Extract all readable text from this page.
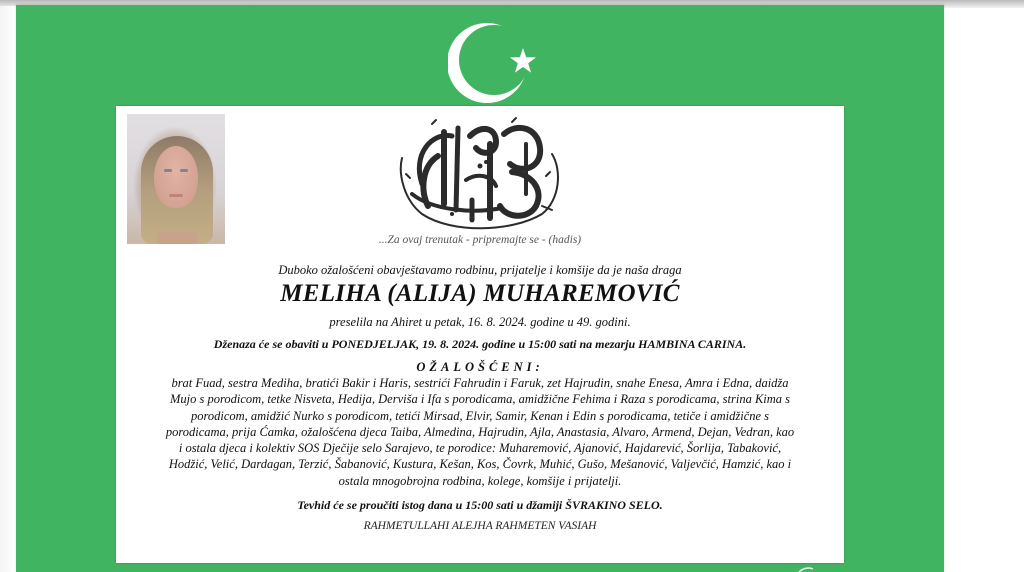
...Za ovaj trenutak - pripremajte se - (hadis)
Duboko ožalošćeni obavještavamo rodbinu, prijatelje i komšije da je naša draga
MELIHA (ALIJA) MUHAREMOVIĆ
preselila na Ahiret u petak, 16. 8. 2024. godine u 49. godini.
Dženaza će se obaviti u PONEDJELJAK, 19. 8. 2024. godine u 15:00 sati na mezarju HAMBINA CARINA.
OŽALOŠĆENI:
brat Fuad, sestra Mediha, bratići Bakir i Haris, sestrići Fahrudin i Faruk, zet Hajrudin, snahe Enesa, Amra i Edna, daidža
Mujo s porodicom, tetke Nisveta, Hedija, Derviša i Ifa s porodicama, amidžične Fehima i Raza s porodicama, strina Kima s
porodicom, amidžić Nurko s porodicom, tetići Mirsad, Elvir, Samir, Kenan i Edin s porodicama, tetiče i amidžične s
porodicama, prija Ćamka, ožalošćena djeca Taiba, Almedina, Hajrudin, Ajla, Anastasia, Alvaro, Armend, Dejan, Vedran, kao
i ostala djeca i kolektiv SOS Dječije selo Sarajevo, te porodice: Muharemović, Ajanović, Hajdarević, Šorlija, Tabaković,
Hodžić, Velić, Dardagan, Terzić, Šabanović, Kustura, Kešan, Kos, Čovrk, Muhić, Gušo, Mešanović, Valjevčić, Hamzić, kao i
ostala mnogobrojna rodbina, kolege, komšije i prijatelji.
Tevhid će se proučiti istog dana u 15:00 sati u džamiji ŠVRAKINO SELO.
RAHMETULLAHI ALEJHA RAHMETEN VASIAH
